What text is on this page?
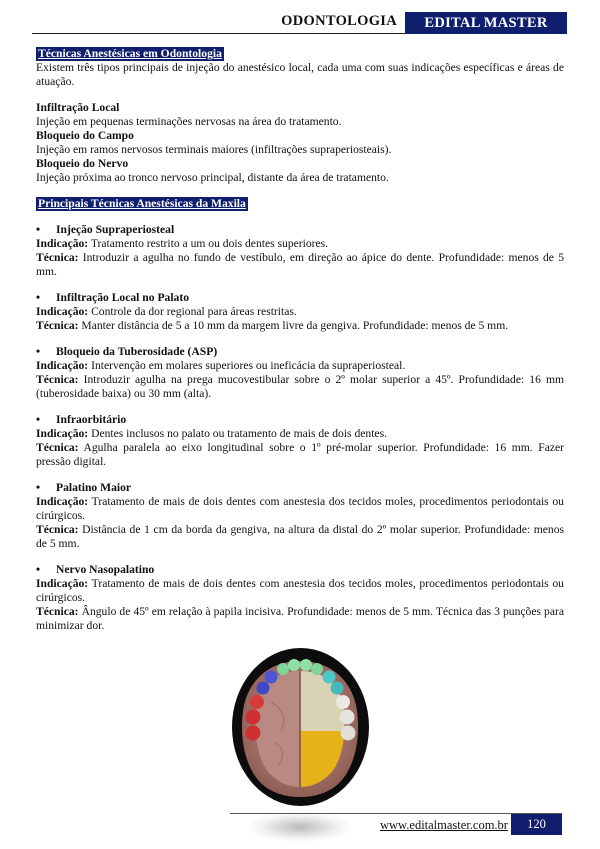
ODONTOLOGIA	EDITAL MASTER
Técnicas Anestésicas em Odontologia
Existem três tipos principais de injeção do anestésico local, cada uma com suas indicações específicas e áreas de atuação.
Infiltração Local
Injeção em pequenas terminações nervosas na área do tratamento.
Bloqueio do Campo
Injeção em ramos nervosos terminais maiores (infiltrações supraperiosteais).
Bloqueio do Nervo
Injeção próxima ao tronco nervoso principal, distante da área de tratamento.
Principais Técnicas Anestésicas da Maxila
• Injeção Supraperiosteal
Indicação: Tratamento restrito a um ou dois dentes superiores.
Técnica: Introduzir a agulha no fundo de vestíbulo, em direção ao ápice do dente. Profundidade: menos de 5 mm.
• Infiltração Local no Palato
Indicação: Controle da dor regional para áreas restritas.
Técnica: Manter distância de 5 a 10 mm da margem livre da gengiva. Profundidade: menos de 5 mm.
• Bloqueio da Tuberosidade (ASP)
Indicação: Intervenção em molares superiores ou ineficácia da supraperiosteal.
Técnica: Introduzir agulha na prega mucovestibular sobre o 2º molar superior a 45º. Profundidade: 16 mm (tuberosidade baixa) ou 30 mm (alta).
• Infraorbitário
Indicação: Dentes inclusos no palato ou tratamento de mais de dois dentes.
Técnica: Agulha paralela ao eixo longitudinal sobre o 1º pré-molar superior. Profundidade: 16 mm. Fazer pressão digital.
• Palatino Maior
Indicação: Tratamento de mais de dois dentes com anestesia dos tecidos moles, procedimentos periodontais ou cirúrgicos.
Técnica: Distância de 1 cm da borda da gengiva, na altura da distal do 2º molar superior. Profundidade: menos de 5 mm.
• Nervo Nasopalatino
Indicação: Tratamento de mais de dois dentes com anestesia dos tecidos moles, procedimentos periodontais ou cirúrgicos.
Técnica: Ângulo de 45º em relação à papila incisiva. Profundidade: menos de 5 mm. Técnica das 3 punções para minimizar dor.
www.editalmaster.com.br	120
